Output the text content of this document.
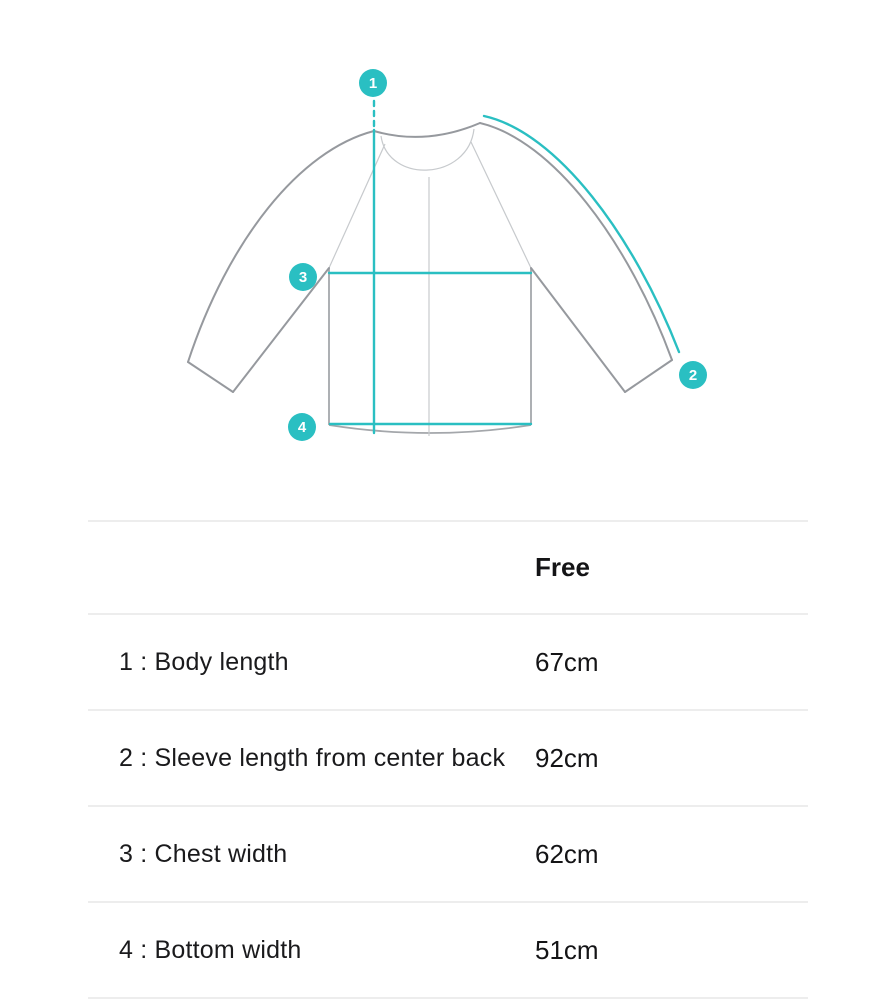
1
2
3
4
Free
1 : Body length	67cm
2 : Sleeve length from center back	92cm
3 : Chest width	62cm
4 : Bottom width	51cm
